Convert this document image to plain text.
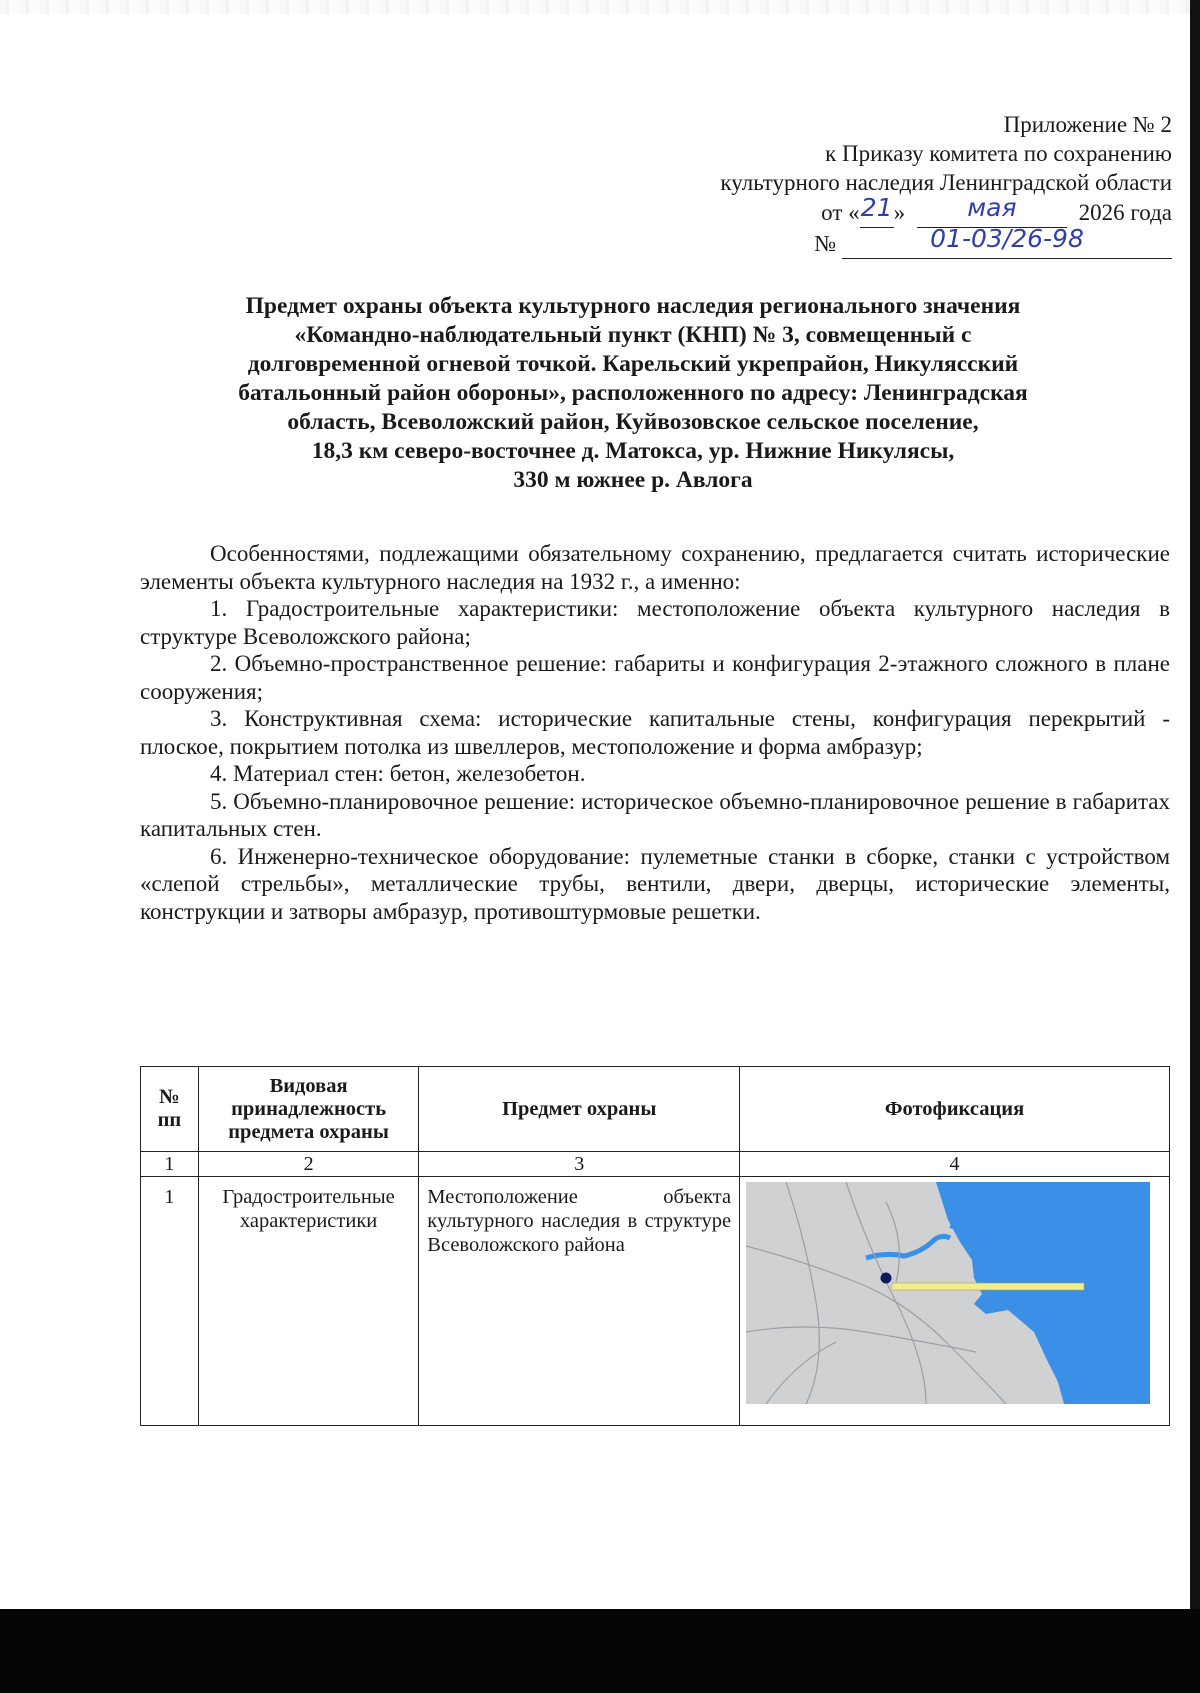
Приложение № 2
к Приказу комитета по сохранению
культурного наследия Ленинградской области
от «21» мая	2026 года
№	01-03/26-98
Предмет охраны объекта культурного наследия регионального значения
«Командно-наблюдательный пункт (КНП) № 3, совмещенный с
долговременной огневой точкой. Карельский укрепрайон, Никулясский
батальонный район обороны», расположенного по адресу: Ленинградская
область, Всеволожский район, Куйвозовское сельское поселение,
18,3 км северо-восточнее д. Матокса, ур. Нижние Никулясы,
330 м южнее р. Авлога

Особенностями, подлежащими обязательному сохранению, предлагается считать исторические элементы объекта культурного наследия на 1932 г., а именно:

1. Градостроительные характеристики: местоположение объекта культурного наследия в структуре Всеволожского района;

2. Объемно-пространственное решение: габариты и конфигурация 2-этажного сложного в плане сооружения;

3. Конструктивная схема: исторические капитальные стены, конфигурация перекрытий - плоское, покрытием потолка из швеллеров, местоположение и форма амбразур;

4. Материал стен: бетон, железобетон.

5. Объемно-планировочное решение: историческое объемно-планировочное решение в габаритах капитальных стен.

6. Инженерно-техническое оборудование: пулеметные станки в сборке, станки с устройством «слепой стрельбы», металлические трубы, вентили, двери, дверцы, исторические элементы, конструкции и затворы амбразур, противоштурмовые решетки.

№ пп	Видовая принадлежность предмета охраны	Предмет охраны	Фотофиксация
1	2	3	4
1	Градостроительные характеристики	Местоположение объекта культурного наследия в структуре Всеволожского района	
